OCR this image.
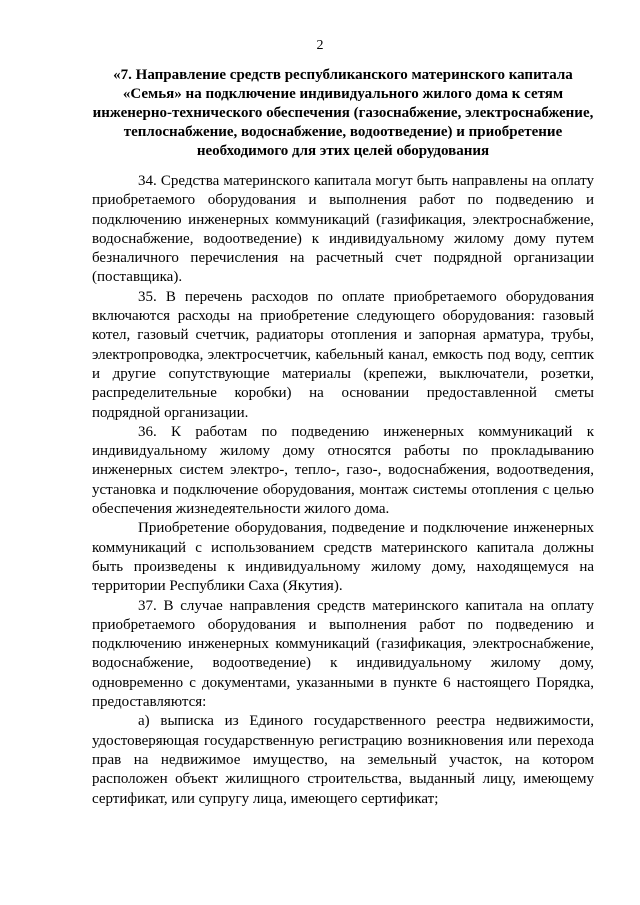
2
«7. Направление средств республиканского материнского капитала «Семья» на подключение индивидуального жилого дома к сетям инженерно-технического обеспечения (газоснабжение, электроснабжение, теплоснабжение, водоснабжение, водоотведение) и приобретение необходимого для этих целей оборудования

34. Средства материнского капитала могут быть направлены на оплату приобретаемого оборудования и выполнения работ по подведению и подключению инженерных коммуникаций (газификация, электроснабжение, водоснабжение, водоотведение) к индивидуальному жилому дому путем безналичного перечисления на расчетный счет подрядной организации (поставщика).

35. В перечень расходов по оплате приобретаемого оборудования включаются расходы на приобретение следующего оборудования: газовый котел, газовый счетчик, радиаторы отопления и запорная арматура, трубы, электропроводка, электросчетчик, кабельный канал, емкость под воду, септик и другие сопутствующие материалы (крепежи, выключатели, розетки, распределительные коробки) на основании предоставленной сметы подрядной организации.

36. К работам по подведению инженерных коммуникаций к индивидуальному жилому дому относятся работы по прокладыванию инженерных систем электро-, тепло-, газо-, водоснабжения, водоотведения, установка и подключение оборудования, монтаж системы отопления с целью обеспечения жизнедеятельности жилого дома.

Приобретение оборудования, подведение и подключение инженерных коммуникаций с использованием средств материнского капитала должны быть произведены к индивидуальному жилому дому, находящемуся на территории Республики Саха (Якутия).

37. В случае направления средств материнского капитала на оплату приобретаемого оборудования и выполнения работ по подведению и подключению инженерных коммуникаций (газификация, электроснабжение, водоснабжение, водоотведение) к индивидуальному жилому дому, одновременно с документами, указанными в пункте 6 настоящего Порядка, предоставляются:

а) выписка из Единого государственного реестра недвижимости, удостоверяющая государственную регистрацию возникновения или перехода прав на недвижимое имущество, на земельный участок, на котором расположен объект жилищного строительства, выданный лицу, имеющему сертификат, или супругу лица, имеющего сертификат;
